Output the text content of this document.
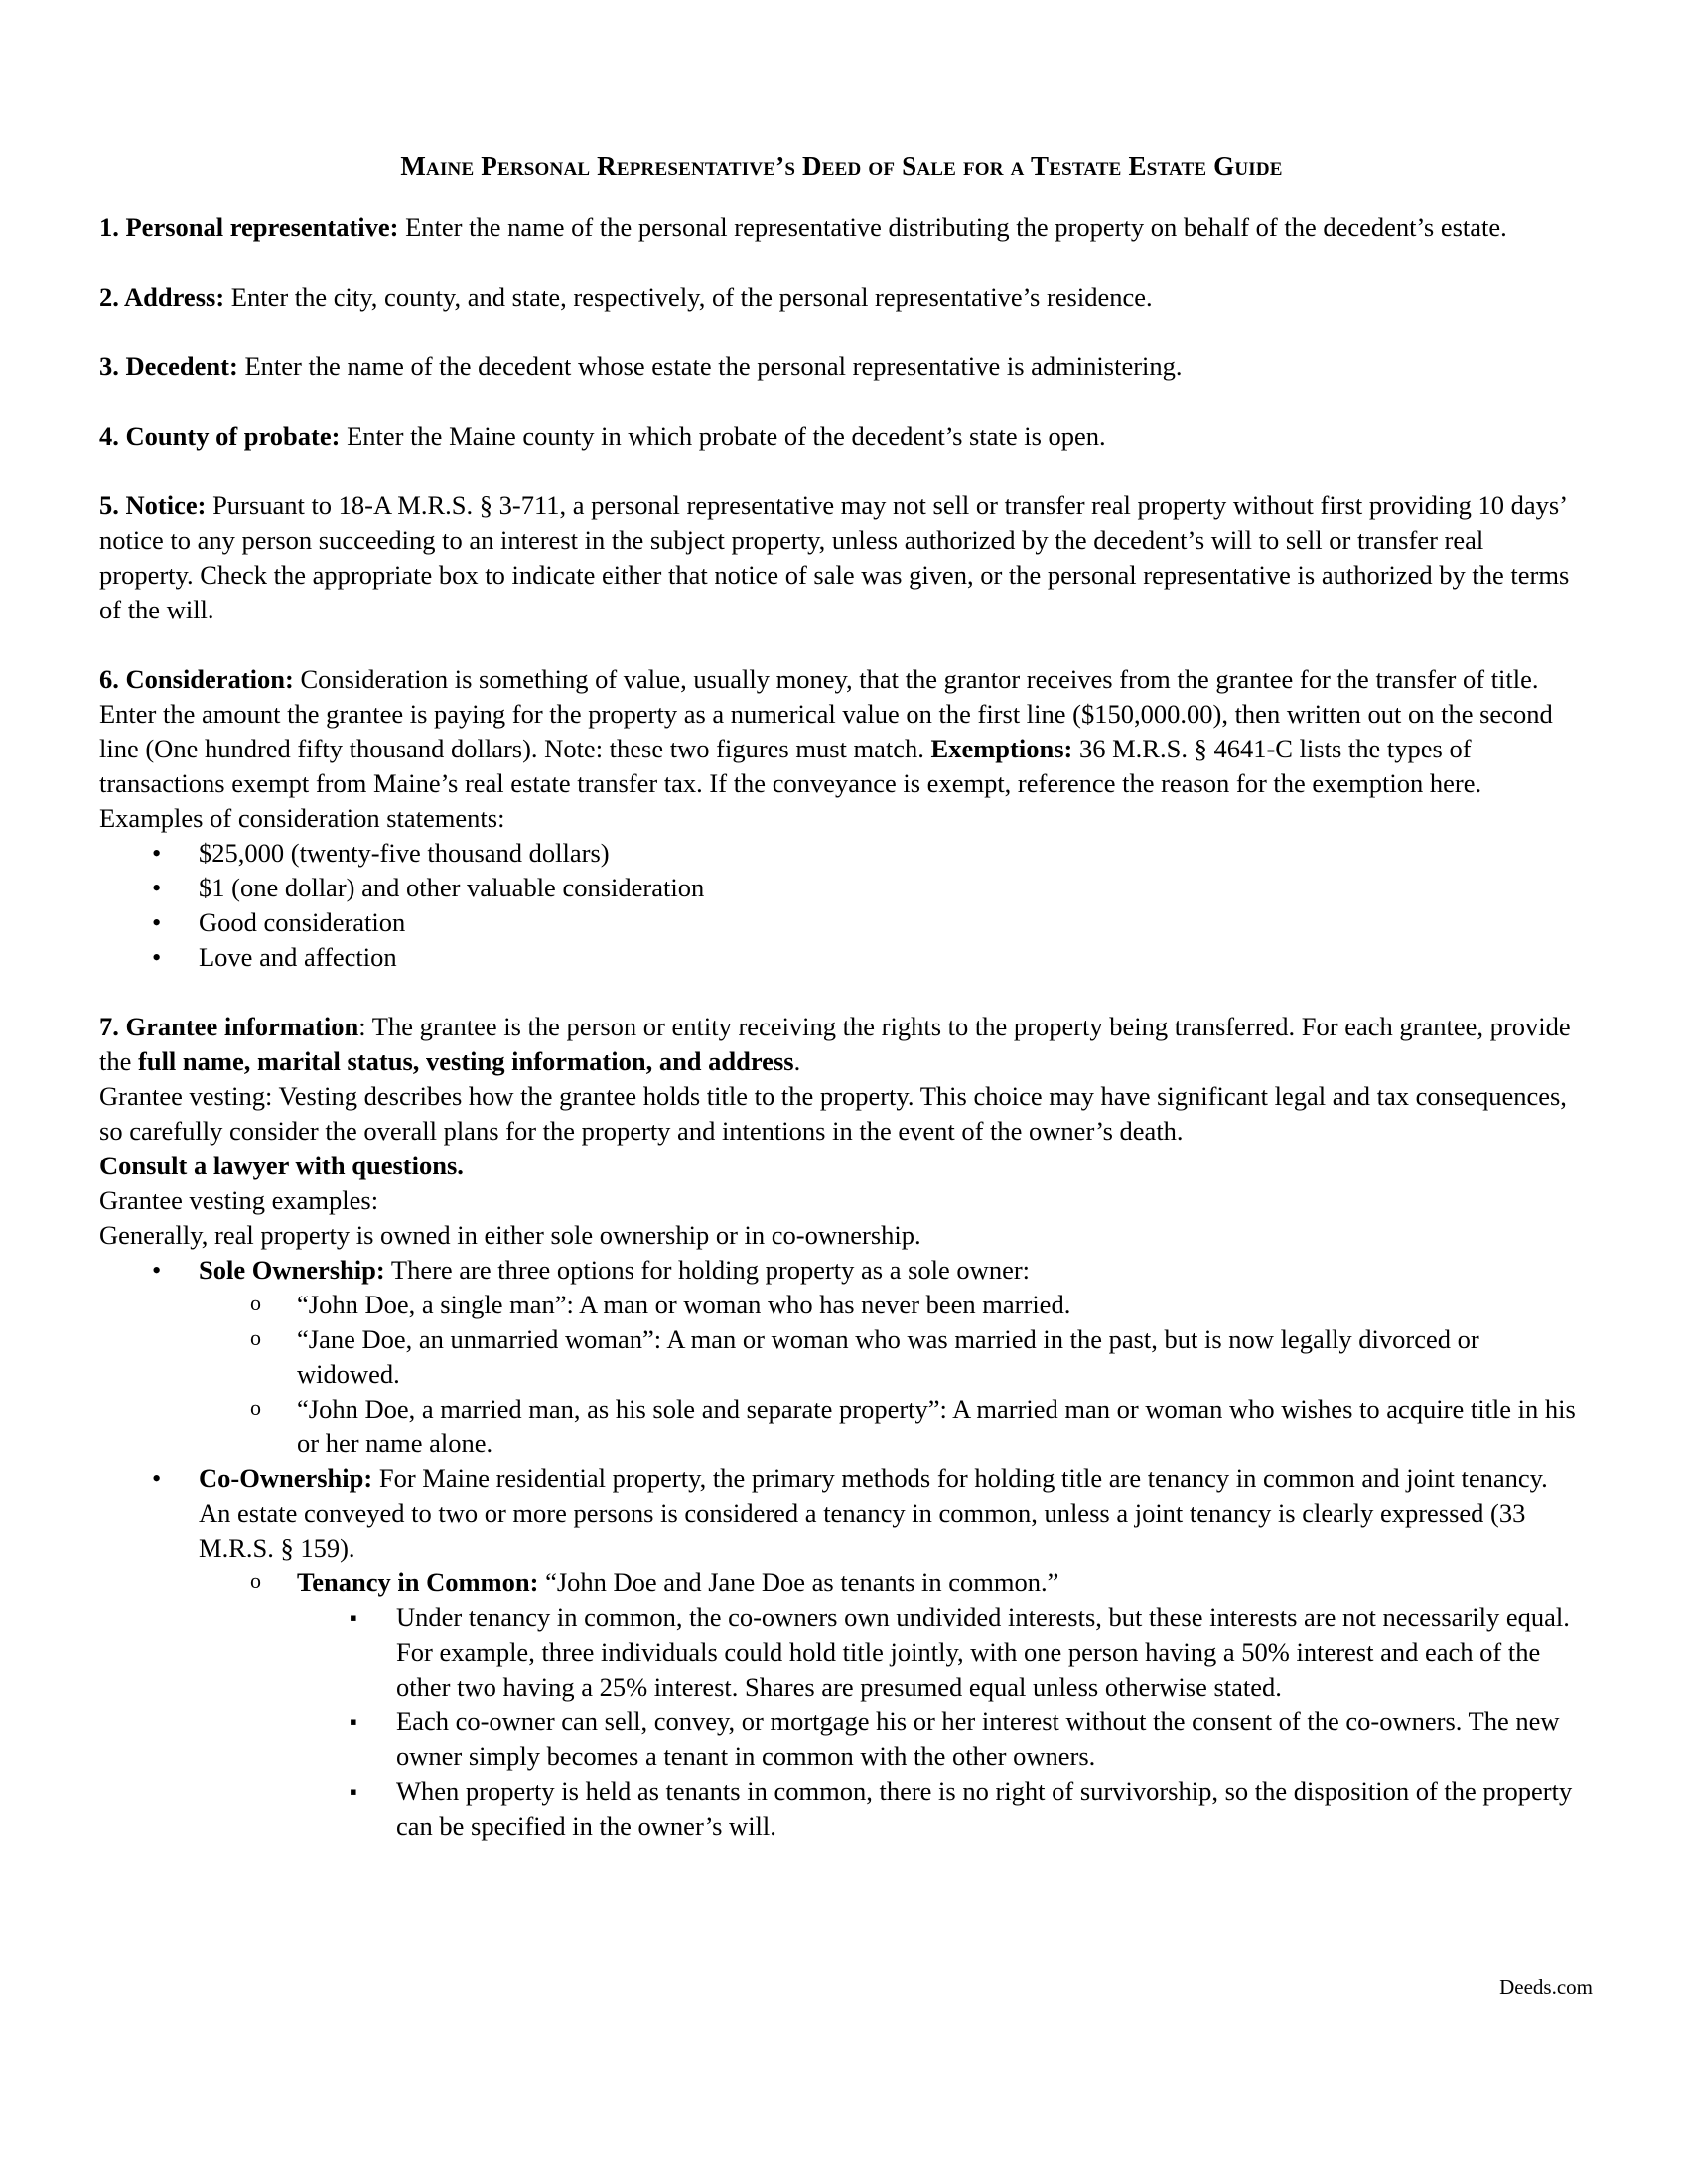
Maine Personal Representative’s Deed of Sale for a Testate Estate Guide

1. Personal representative: Enter the name of the personal representative distributing the property on behalf of the decedent’s estate.

2. Address: Enter the city, county, and state, respectively, of the personal representative’s residence.

3. Decedent: Enter the name of the decedent whose estate the personal representative is administering.

4. County of probate: Enter the Maine county in which probate of the decedent’s state is open.

5. Notice: Pursuant to 18-A M.R.S. § 3-711, a personal representative may not sell or transfer real property without first providing 10 days’ notice to any person succeeding to an interest in the subject property, unless authorized by the decedent’s will to sell or transfer real property. Check the appropriate box to indicate either that notice of sale was given, or the personal representative is authorized by the terms of the will.

6. Consideration: Consideration is something of value, usually money, that the grantor receives from the grantee for the transfer of title. Enter the amount the grantee is paying for the property as a numerical value on the first line ($150,000.00), then written out on the second line (One hundred fifty thousand dollars). Note: these two figures must match. Exemptions: 36 M.R.S. § 4641-C lists the types of transactions exempt from Maine’s real estate transfer tax. If the conveyance is exempt, reference the reason for the exemption here.

Examples of consideration statements:

• $25,000 (twenty-five thousand dollars)
• $1 (one dollar) and other valuable consideration
• Good consideration
• Love and affection

7. Grantee information: The grantee is the person or entity receiving the rights to the property being transferred. For each grantee, provide the full name, marital status, vesting information, and address.

Grantee vesting: Vesting describes how the grantee holds title to the property. This choice may have significant legal and tax consequences, so carefully consider the overall plans for the property and intentions in the event of the owner’s death.

Consult a lawyer with questions.

Grantee vesting examples:

Generally, real property is owned in either sole ownership or in co-ownership.

• Sole Ownership: There are three options for holding property as a sole owner:
o “John Doe, a single man”: A man or woman who has never been married.
o “Jane Doe, an unmarried woman”: A man or woman who was married in the past, but is now legally divorced or widowed.
o “John Doe, a married man, as his sole and separate property”: A married man or woman who wishes to acquire title in his or her name alone.
• Co-Ownership: For Maine residential property, the primary methods for holding title are tenancy in common and joint tenancy. An estate conveyed to two or more persons is considered a tenancy in common, unless a joint tenancy is clearly expressed (33 M.R.S. § 159).
o Tenancy in Common: “John Doe and Jane Doe as tenants in common.”
▪ Under tenancy in common, the co-owners own undivided interests, but these interests are not necessarily equal. For example, three individuals could hold title jointly, with one person having a 50% interest and each of the other two having a 25% interest. Shares are presumed equal unless otherwise stated.
▪ Each co-owner can sell, convey, or mortgage his or her interest without the consent of the co-owners. The new owner simply becomes a tenant in common with the other owners.
▪ When property is held as tenants in common, there is no right of survivorship, so the disposition of the property can be specified in the owner’s will.
Deeds.com
